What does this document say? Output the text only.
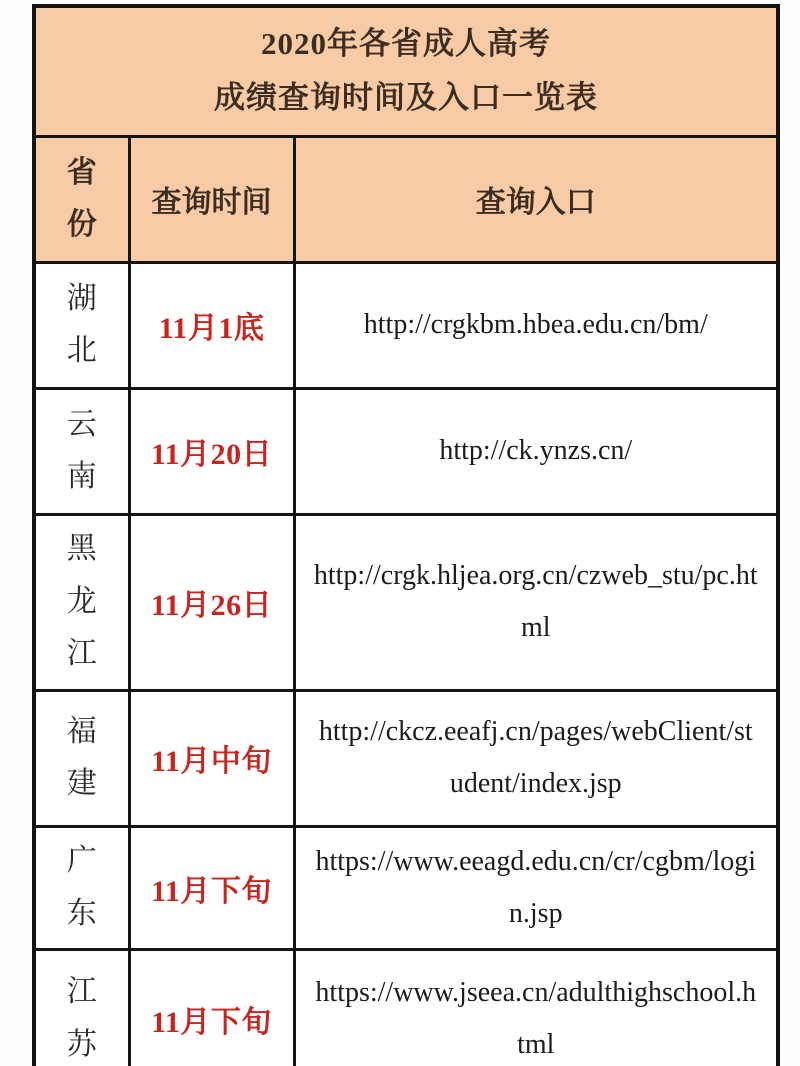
2020年各省成人高考
成绩查询时间及入口一览表		

省份	查询时间	查询入口
湖北	11月1底	http://crgkbm.hbea.edu.cn/bm/
云南	11月20日	http://ck.ynzs.cn/
黑龙江	11月26日	http://crgk.hljea.org.cn/czweb_stu/pc.html
福建	11月中旬	http://ckcz.eeafj.cn/pages/webClient/student/index.jsp
广东	11月下旬	https://www.eeagd.edu.cn/cr/cgbm/login.jsp
江苏	11月下旬	https://www.jseea.cn/adulthighschool.html
